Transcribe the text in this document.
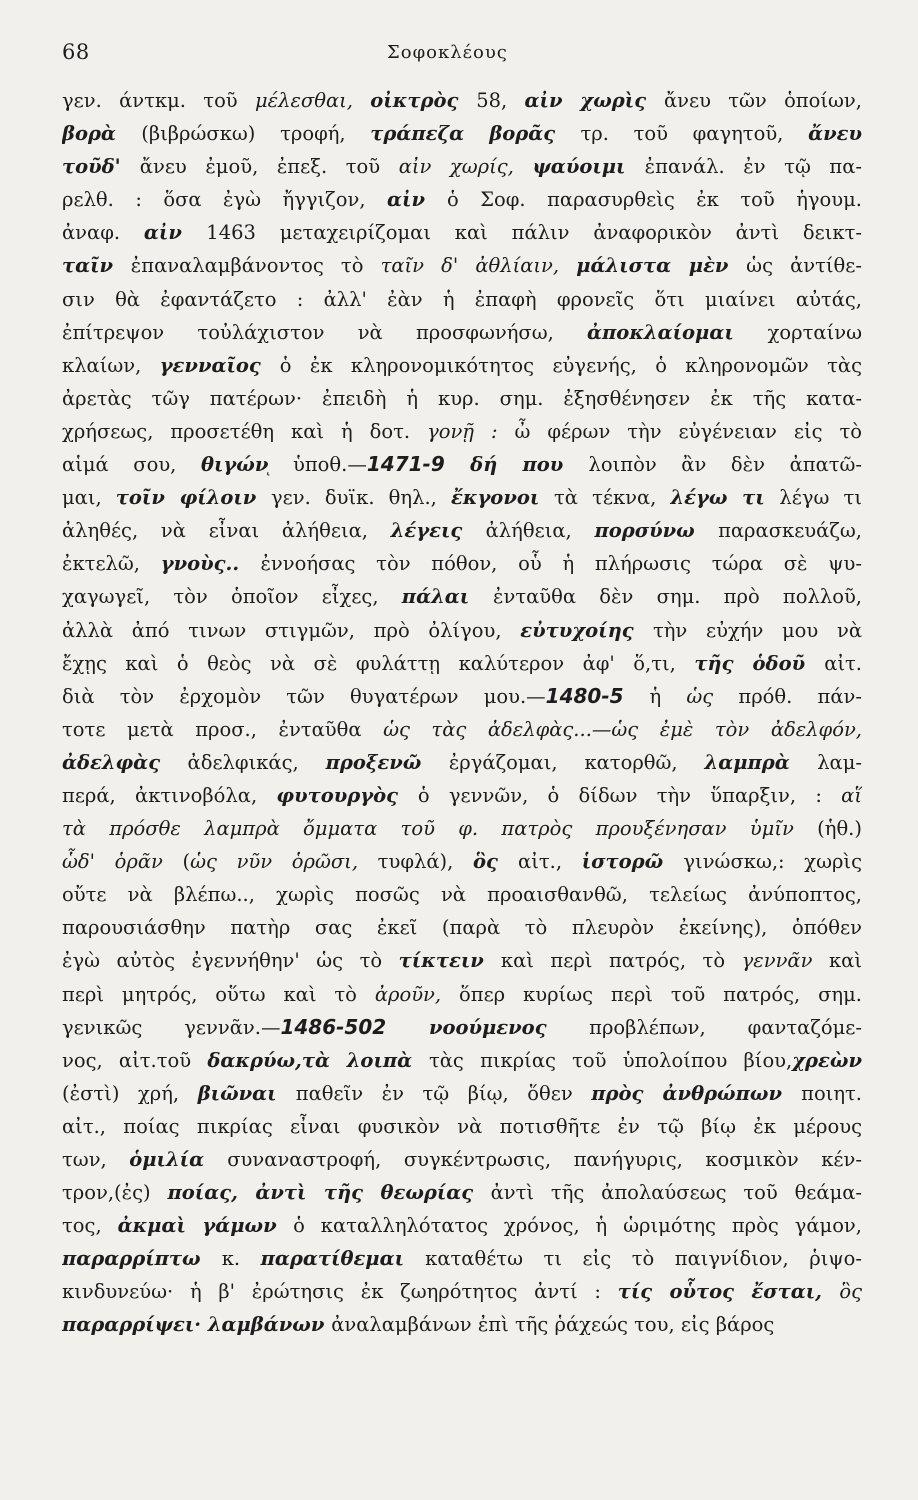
68	Σοφοκλέους
γεν. άντκμ. τοῦ μέλεσθαι, οἰκτρὸς 58, αἰν χωρὶς ἄνευ τῶν ὁποίων,
βορὰ (βιβρώσκω) τροφή, τράπεζα βορᾶς τρ. τοῦ φαγητοῦ, ἄνευ
τοῦδ' ἄνευ ἐμοῦ, ἐπεξ. τοῦ αἰν χωρίς, ψαύοιμι ἐπανάλ. ἐν τῷ πα-
ρελθ. : ὅσα ἐγὼ ἤγγιζον, αἰν ὁ Σοφ. παρασυρθεὶς ἐκ τοῦ ἡγουμ.
ἀναφ. αἰν 1463 μεταχειρίζομαι καὶ πάλιν ἀναφορικὸν ἀντὶ δεικτ-
ταῖν ἐπαναλαμβάνοντος τὸ ταῖν δ' ἀθλίαιν, μάλιστα μὲν ὡς ἀντίθε-
σιν θὰ ἐφαντάζετο : ἀλλ' ἐὰν ἡ ἐπαφὴ φρονεῖς ὅτι μιαίνει αὐτάς,
ἐπίτρεψον τοὐλάχιστον νὰ προσφωνήσω, ἀποκλαίομαι χορταίνω
κλαίων, γενναῖος ὁ ἐκ κληρονομικότητος εὐγενής, ὁ κληρονομῶν τὰς
ἀρετὰς τῶγ πατέρων· ἐπειδὴ ἡ κυρ. σημ. ἐξησθένησεν ἐκ τῆς κατα-
χρήσεως, προσετέθη καὶ ἡ δοτ. γονῇ : ὦ φέρων τὴν εὐγένειαν εἰς τὸ
αἱμά σου, θιγώνͅ ὑποθ.—1471-9 δή που λοιπὸν ἂν δὲν ἀπατῶ-
μαι, τοῖν φίλοιν γεν. δυϊκ. θηλ., ἔκγονοι τὰ τέκνα, λέγω τι λέγω τι
ἀληθές, νὰ εἶναι ἀλήθεια, λέγεις ἀλήθεια, πορσύνω παρασκευάζω,
ἐκτελῶ, γνοὺς.. ἐννοήσας τὸν πόθον, οὗ ἡ πλήρωσις τώρα σὲ ψυ-
χαγωγεῖ, τὸν ὁποῖον εἶχες, πάλαι ἐνταῦθα δὲν σημ. πρὸ πολλοῦ,
ἀλλὰ ἀπό τινων στιγμῶν, πρὸ ὀλίγου, εὐτυχοίης τὴν εὐχήν μου νὰ
ἔχῃς καὶ ὁ θεὸς νὰ σὲ φυλάττῃ καλύτερον ἀφ' ὅ,τι, τῆς ὁδοῦ αἰτ.
διὰ τὸν ἐρχομὸν τῶν θυγατέρων μου.—1480-5 ἡ ὡς πρόθ. πάν-
τοτε μετὰ προσ., ἐνταῦθα ὡς τὰς ἀδελφὰς...—ὡς ἐμὲ τὸν ἀδελφόν,
ἀδελφὰς ἀδελφικάς, προξενῶ ἐργάζομαι, κατορθῶ, λαμπρὰ λαμ-
περά, ἀκτινοβόλα, φυτουργὸς ὁ γεννῶν, ὁ δίδων τὴν ὕπαρξιν, : αἵ
τὰ πρόσθε λαμπρὰ ὄμματα τοῦ φ. πατρὸς προυξένησαν ὑμῖν (ἡθ.)
ὧδ' ὁρᾶν (ὡς νῦν ὁρῶσι, τυφλά), ὃς αἰτ., ἱστορῶ γινώσκω,: χωρὶς
οὔτε νὰ βλέπω.., χωρὶς ποσῶς νὰ προαισθανθῶ, τελείως ἀνύποπτος,
παρουσιάσθην πατὴρ σας ἐκεῖ (παρὰ τὸ πλευρὸν ἐκείνης), ὁπόθεν
ἐγὼ αὐτὸς ἐγεννήθην' ὡς τὸ τίκτειν καὶ περὶ πατρός, τὸ γεννᾶν καὶ
περὶ μητρός, οὕτω καὶ τὸ ἀροῦν, ὅπερ κυρίως περὶ τοῦ πατρός, σημ.
γενικῶς γεννᾶν.—1486-502 νοούμενος προβλέπων, φανταζόμε-
νος, αἰτ.τοῦ δακρύω,τὰ λοιπὰ τὰς πικρίας τοῦ ὑπολοίπου βίου,χρεὼν
(ἐστὶ) χρή, βιῶναι παθεῖν ἐν τῷ βίῳ, ὅθεν πρὸς ἀνθρώπων ποιητ.
αἰτ., ποίας πικρίας εἶναι φυσικὸν νὰ ποτισθῆτε ἐν τῷ βίῳ ἐκ μέρους
των, ὁμιλία συναναστροφή, συγκέντρωσις, πανήγυρις, κοσμικὸν κέν-
τρον,(ἐς) ποίας, ἀντὶ τῆς θεωρίας ἀντὶ τῆς ἀπολαύσεως τοῦ θεάμα-
τος, ἀκμαὶ γάμων ὁ καταλληλότατος χρόνος, ἡ ὡριμότης πρὸς γάμον,
παραρρίπτω κ. παρατίθεμαι καταθέτω τι εἰς τὸ παιγνίδιον, ῥιψο-
κινδυνεύω· ἡ β' ἐρώτησις ἐκ ζωηρότητος ἀντί : τίς οὗτος ἔσται, ὃς
παραρρίψει· λαμβάνων ἀναλαμβάνων ἐπὶ τῆς ῥάχεώς του, εἰς βάρος
